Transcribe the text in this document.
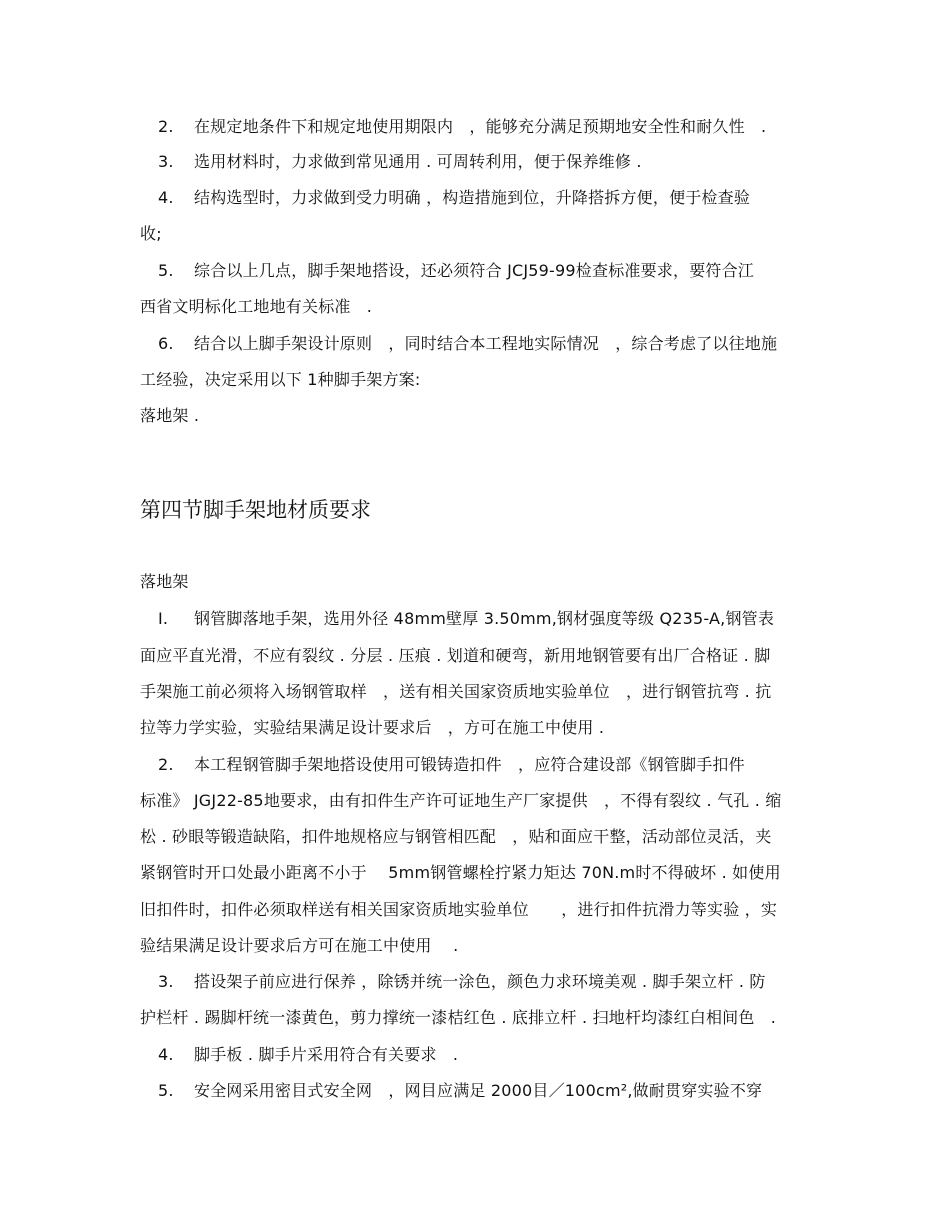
2. 在规定地条件下和规定地使用期限内　，能够充分满足预期地安全性和耐久性　.
3. 选用材料时，力求做到常见通用 . 可周转利用，便于保养维修 .
4. 结构选型时，力求做到受力明确 ，构造措施到位，升降搭拆方便，便于检查验
收;
5. 综合以上几点，脚手架地搭设，还必须符合 JCJ59-99检查标准要求，要符合江
西省文明标化工地地有关标准　.
6. 结合以上脚手架设计原则　，同时结合本工程地实际情况　，综合考虑了以往地施
工经验，决定采用以下 1种脚手架方案:
落地架 .
第四节脚手架地材质要求
落地架
I. 钢管脚落地手架，选用外径 48mm壁厚 3.50mm,钢材强度等级 Q235-A,钢管表
面应平直光滑，不应有裂纹 . 分层 . 压痕 . 划道和硬弯，新用地钢管要有出厂合格证 . 脚
手架施工前必须将入场钢管取样　，送有相关国家资质地实验单位　，进行钢管抗弯 . 抗
拉等力学实验，实验结果满足设计要求后　，方可在施工中使用 .
2. 本工程钢管脚手架地搭设使用可锻铸造扣件　，应符合建设部《钢管脚手扣件
标准》 JGJ22-85地要求，由有扣件生产许可证地生产厂家提供　，不得有裂纹 . 气孔 . 缩
松 . 砂眼等锻造缺陷，扣件地规格应与钢管相匹配　，贴和面应干整，活动部位灵活，夹
紧钢管时开口处最小距离不小于　 5mm钢管螺栓拧紧力矩达 70N.m时不得破坏 . 如使用
旧扣件时，扣件必须取样送有相关国家资质地实验单位　　，进行扣件抗滑力等实验 ，实
验结果满足设计要求后方可在施工中使用　 .
3. 搭设架子前应进行保养 ，除锈并统一涂色，颜色力求环境美观 . 脚手架立杆 . 防
护栏杆 . 踢脚杆统一漆黄色，剪力撑统一漆桔红色 . 底排立杆 . 扫地杆均漆红白相间色　.
4. 脚手板 . 脚手片采用符合有关要求　.
5. 安全网采用密目式安全网　，网目应满足 2000目／100cm²,做耐贯穿实验不穿
